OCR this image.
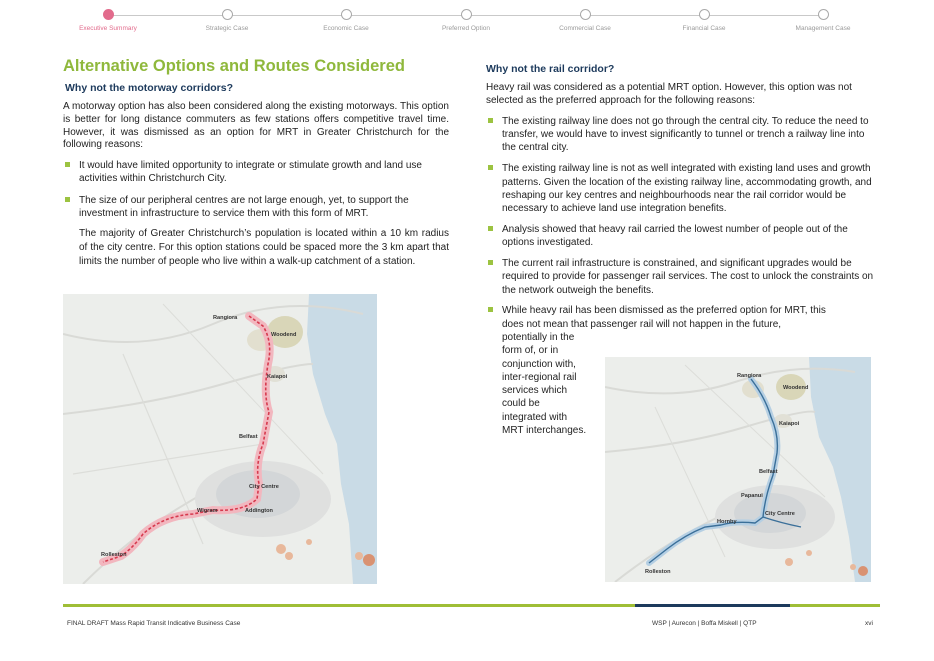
Executive Summary	Strategic Case	Economic Case	Preferred Option	Commercial Case	Financial Case	Management Case
Alternative Options and Routes Considered
Why not the motorway corridors?

A motorway option has also been considered along the existing motorways. This option is better for long distance commuters as few stations offers competitive travel time. However, it was dismissed as an option for MRT in Greater Christchurch for the following reasons:

It would have limited opportunity to integrate or stimulate growth and land use activities within Christchurch City.
The size of our peripheral centres are not large enough, yet, to support the investment in infrastructure to service them with this form of MRT.
The majority of Greater Christchurch’s population is located within a 10 km radius of the city centre. For this option stations could be spaced more the 3 km apart that limits the number of people who live within a walk-up catchment of a station.
Rangiora
Woodend
Kaiapoi
Belfast
City Centre
Wigram	Addington
Rolleston
Why not the rail corridor?

Heavy rail was considered as a potential MRT option. However, this option was not selected as the preferred approach for the following reasons:

The existing railway line does not go through the central city. To reduce the need to transfer, we would have to invest significantly to tunnel or trench a railway line into the central city.
The existing railway line is not as well integrated with existing land uses and growth patterns. Given the location of the existing railway line, accommodating growth, and reshaping our key centres and neighbourhoods near the rail corridor would be necessary to achieve land use integration benefits.
Analysis showed that heavy rail carried the lowest number of people out of the options investigated.
The current rail infrastructure is constrained, and significant upgrades would be required to provide for passenger rail services. The cost to unlock the constraints on the network outweigh the benefits.
While heavy rail has been dismissed as the preferred option for MRT, this
does not mean that passenger rail will not happen in the future,
potentially in the
form of, or in
conjunction with,
inter-regional rail
services which
could be
integrated with
MRT interchanges.
Rangiora
Woodend
Kaiapoi
Belfast
Papanui
Hornby
City Centre
Rolleston
FINAL DRAFT Mass Rapid Transit Indicative Business Case	WSP | Aurecon | Boffa Miskell | QTP	xvi
